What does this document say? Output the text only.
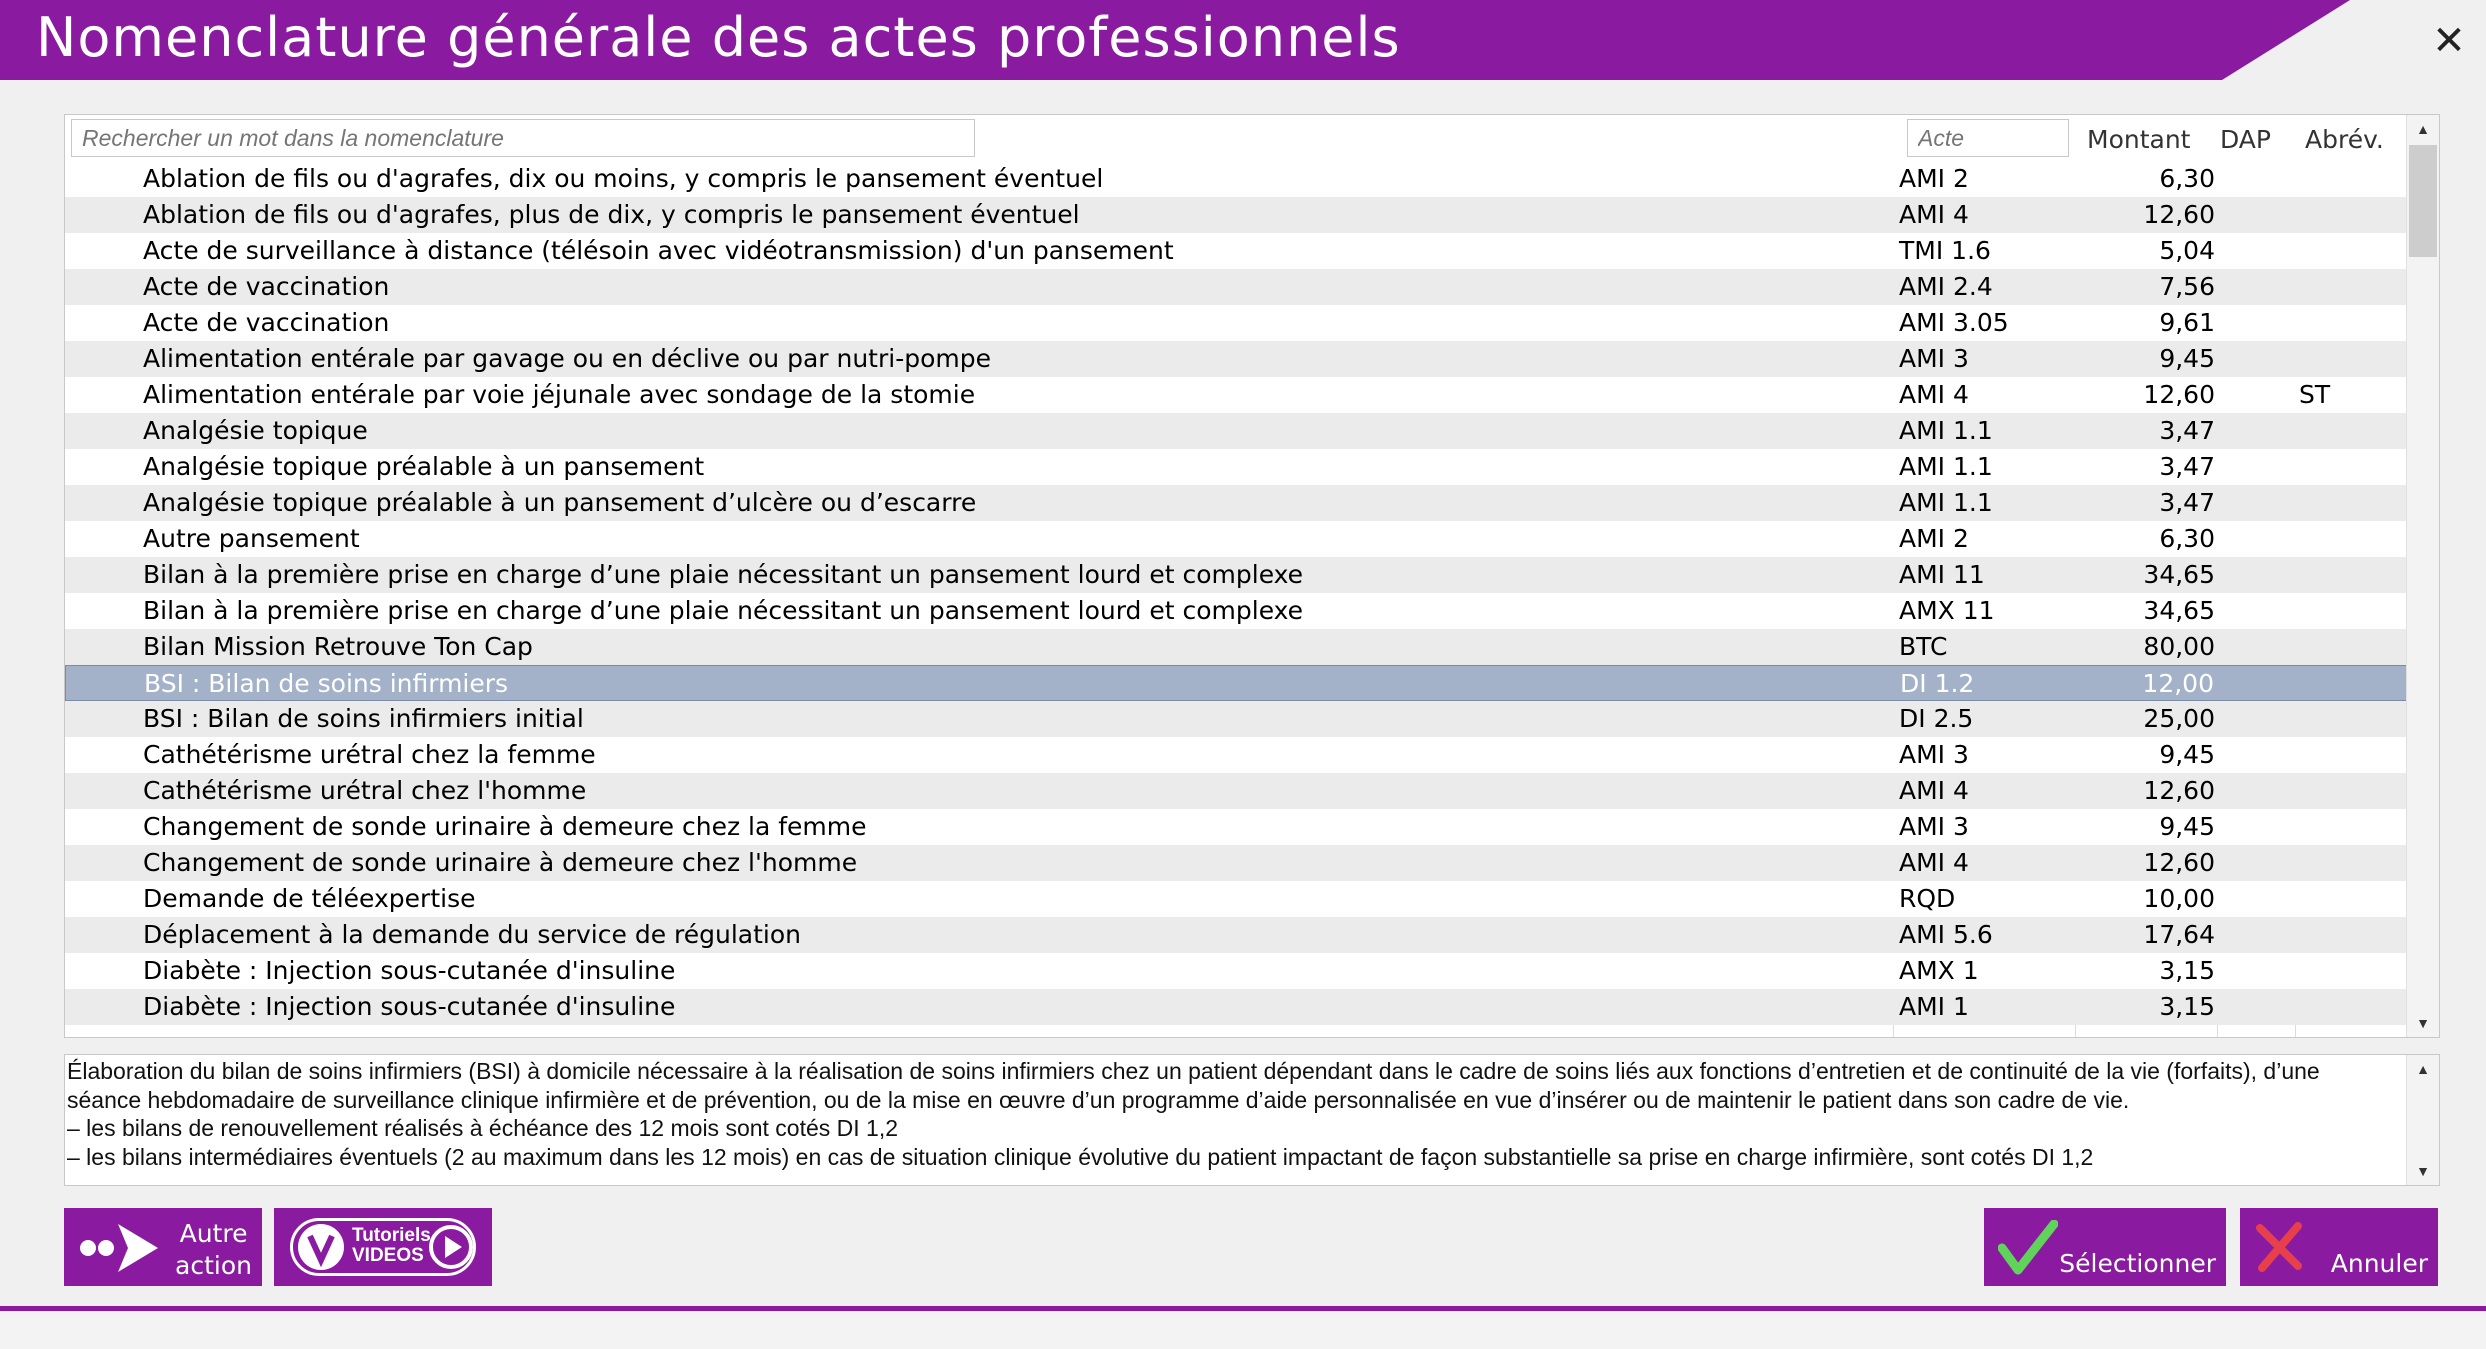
Nomenclature générale des actes professionnels	✕
Rechercher un mot dans la nomenclature
Acte
Montant DAP Abrév.
Ablation de fils ou d'agrafes, dix ou moins, y compris le pansement éventuel	AMI 2	6,30
Ablation de fils ou d'agrafes, plus de dix, y compris le pansement éventuel	AMI 4	12,60
Acte de surveillance à distance (télésoin avec vidéotransmission) d'un pansement	TMI 1.6	5,04
Acte de vaccination	AMI 2.4	7,56
Acte de vaccination	AMI 3.05	9,61
Alimentation entérale par gavage ou en déclive ou par nutri-pompe	AMI 3	9,45
Alimentation entérale par voie jéjunale avec sondage de la stomie	AMI 4	12,60	ST
Analgésie topique	AMI 1.1	3,47
Analgésie topique préalable à un pansement	AMI 1.1	3,47
Analgésie topique préalable à un pansement d’ulcère ou d’escarre	AMI 1.1	3,47
Autre pansement	AMI 2	6,30
Bilan à la première prise en charge d’une plaie nécessitant un pansement lourd et complexe	AMI 11	34,65
Bilan à la première prise en charge d’une plaie nécessitant un pansement lourd et complexe	AMX 11	34,65
Bilan Mission Retrouve Ton Cap	BTC	80,00
BSI : Bilan de soins infirmiers	DI 1.2	12,00
BSI : Bilan de soins infirmiers initial	DI 2.5	25,00
Cathétérisme urétral chez la femme	AMI 3	9,45
Cathétérisme urétral chez l'homme	AMI 4	12,60
Changement de sonde urinaire à demeure chez la femme	AMI 3	9,45
Changement de sonde urinaire à demeure chez l'homme	AMI 4	12,60
Demande de téléexpertise	RQD	10,00
Déplacement à la demande du service de régulation	AMI 5.6	17,64
Diabète : Injection sous-cutanée d'insuline	AMX 1	3,15
Diabète : Injection sous-cutanée d'insuline	AMI 1	3,15
▲
▼

Élaboration du bilan de soins infirmiers (BSI) à domicile nécessaire à la réalisation de soins infirmiers chez un patient dépendant dans le cadre de soins liés aux fonctions d’entretien et de continuité de la vie (forfaits), d’une séance hebdomadaire de surveillance clinique infirmière et de prévention, ou de la mise en œuvre d’un programme d’aide personnalisée en vue d’insérer ou de maintenir le patient dans son cadre de vie.

– les bilans de renouvellement réalisés à échéance des 12 mois sont cotés DI 1,2

– les bilans intermédiaires éventuels (2 au maximum dans les 12 mois) en cas de situation clinique évolutive du patient impactant de façon substantielle sa prise en charge infirmière, sont cotés DI 1,2

▲
▼
Autre
action
Tutoriels
VIDEOS	Sélectionner	Annuler
